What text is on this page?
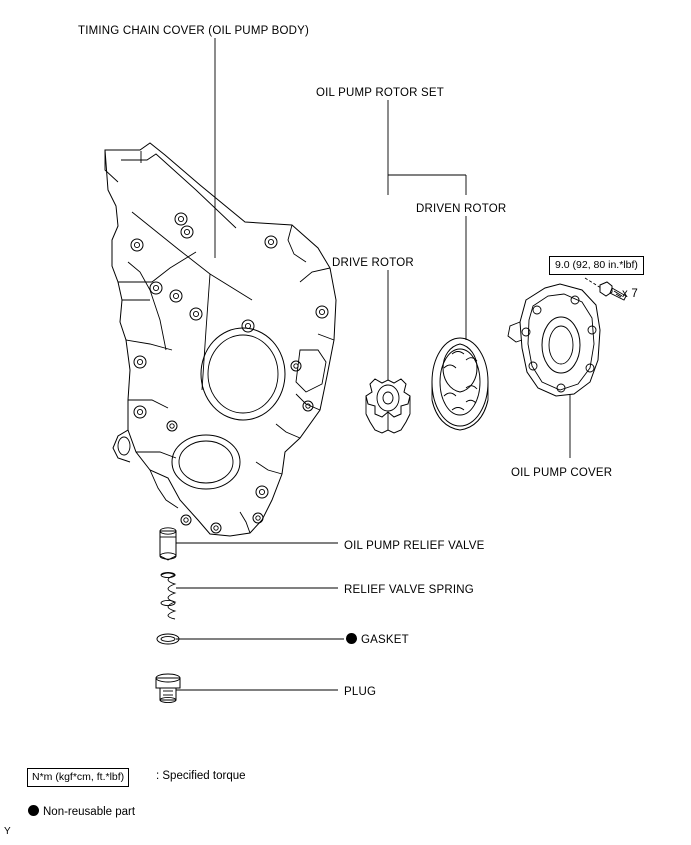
TIMING CHAIN COVER (OIL PUMP BODY)
OIL PUMP ROTOR SET
DRIVEN ROTOR
DRIVE ROTOR
OIL PUMP COVER
OIL PUMP RELIEF VALVE
RELIEF VALVE SPRING
GASKET
PLUG
9.0 (92, 80 in.*lbf)
x 7
N*m (kgf*cm, ft.*lbf)	: Specified torque
Non-reusable part
Y
